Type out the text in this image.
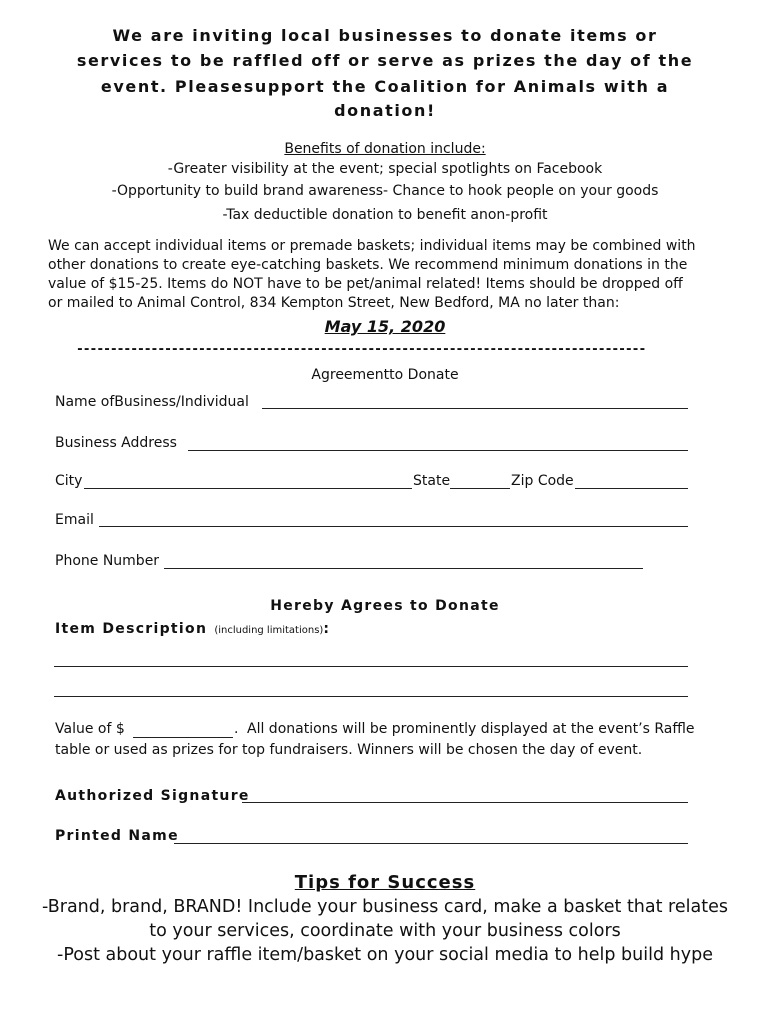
We are inviting local businesses to donate items or
services to be raffled off or serve as prizes the day of the
event. Pleasesupport the Coalition for Animals with a
donation!
Benefits of donation include:
-Greater visibility at the event; special spotlights on Facebook
-Opportunity to build brand awareness- Chance to hook people on your goods
-Tax deductible donation to benefit anon-profit
We can accept individual items or premade baskets; individual items may be combined with
other donations to create eye-catching baskets. We recommend minimum donations in the
value of $15-25. Items do NOT have to be pet/animal related! Items should be dropped off
or mailed to Animal Control, 834 Kempton Street, New Bedford, MA no later than:
May 15, 2020
------------------------------------------------------------------------------------
Agreementto Donate
Name ofBusiness/Individual
Business Address
City	State	Zip Code
Email
Phone Number
Hereby Agrees to Donate
Item Description (including limitations):
Value of $	. All donations will be prominently displayed at the event’s Raffle
table or used as prizes for top fundraisers. Winners will be chosen the day of event.
Authorized Signature
Printed Name
Tips for Success
-Brand, brand, BRAND! Include your business card, make a basket that relates
to your services, coordinate with your business colors
-Post about your raffle item/basket on your social media to help build hype
